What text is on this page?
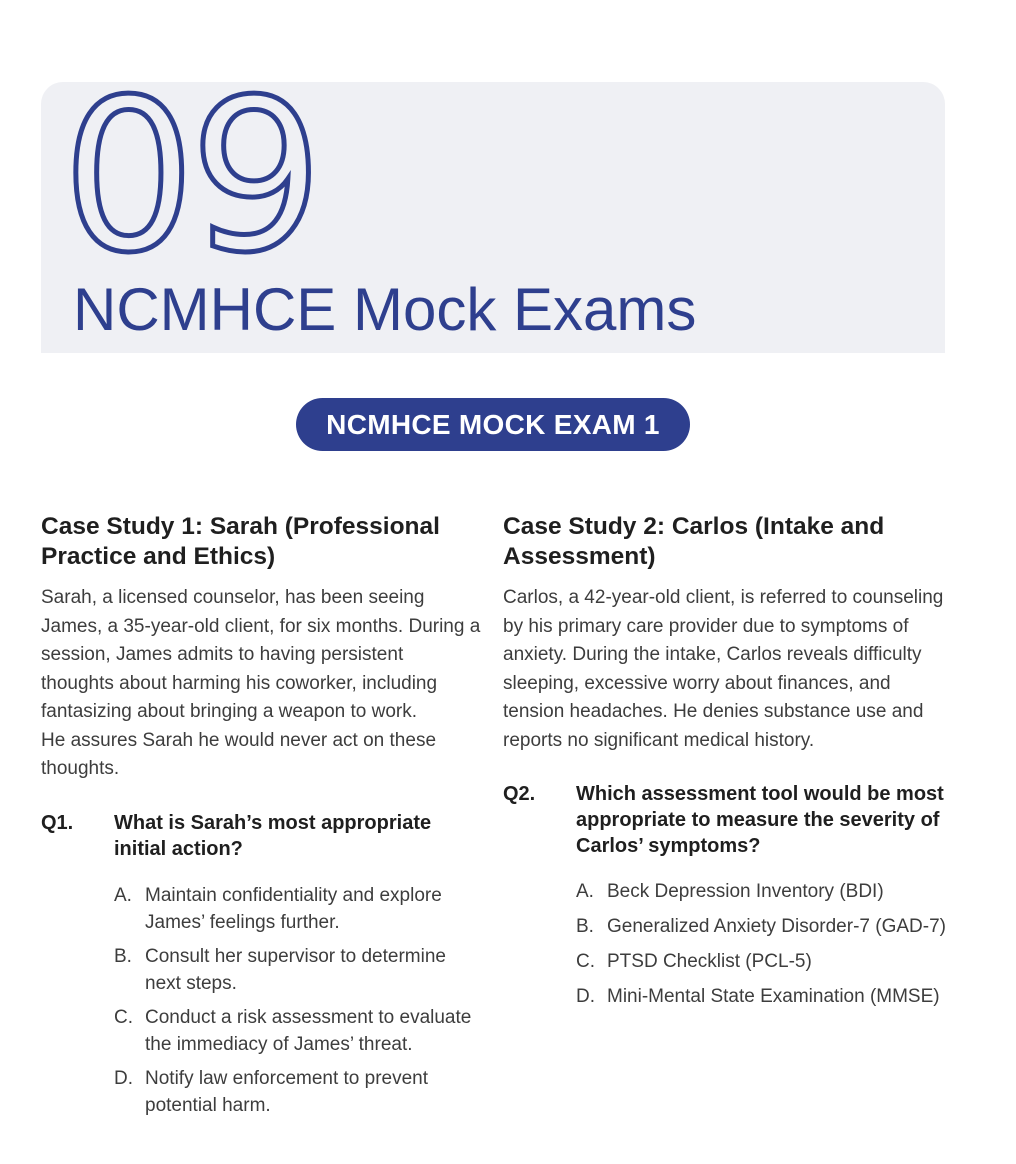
09
NCMHCE Mock Exams
NCMHCE MOCK EXAM 1
Case Study 1: Sarah (Professional Practice and Ethics)

Sarah, a licensed counselor, has been seeing James, a 35-year-old client, for six months. During a session, James admits to having persistent thoughts about harming his coworker, including fantasizing about bringing a weapon to work.

He assures Sarah he would never act on these thoughts.

Q1. What is Sarah’s most appropriate initial action?
A. Maintain confidentiality and explore James’ feelings further.
B. Consult her supervisor to determine next steps.
C. Conduct a risk assessment to evaluate the immediacy of James’ threat.
D. Notify law enforcement to prevent potential harm.
Case Study 2: Carlos (Intake and Assessment)

Carlos, a 42-year-old client, is referred to counseling by his primary care provider due to symptoms of anxiety. During the intake, Carlos reveals difficulty sleeping, excessive worry about finances, and tension headaches. He denies substance use and reports no significant medical history.

Q2. Which assessment tool would be most appropriate to measure the severity of Carlos’ symptoms?
A. Beck Depression Inventory (BDI)
B. Generalized Anxiety Disorder-7 (GAD-7)
C. PTSD Checklist (PCL-5)
D. Mini-Mental State Examination (MMSE)
